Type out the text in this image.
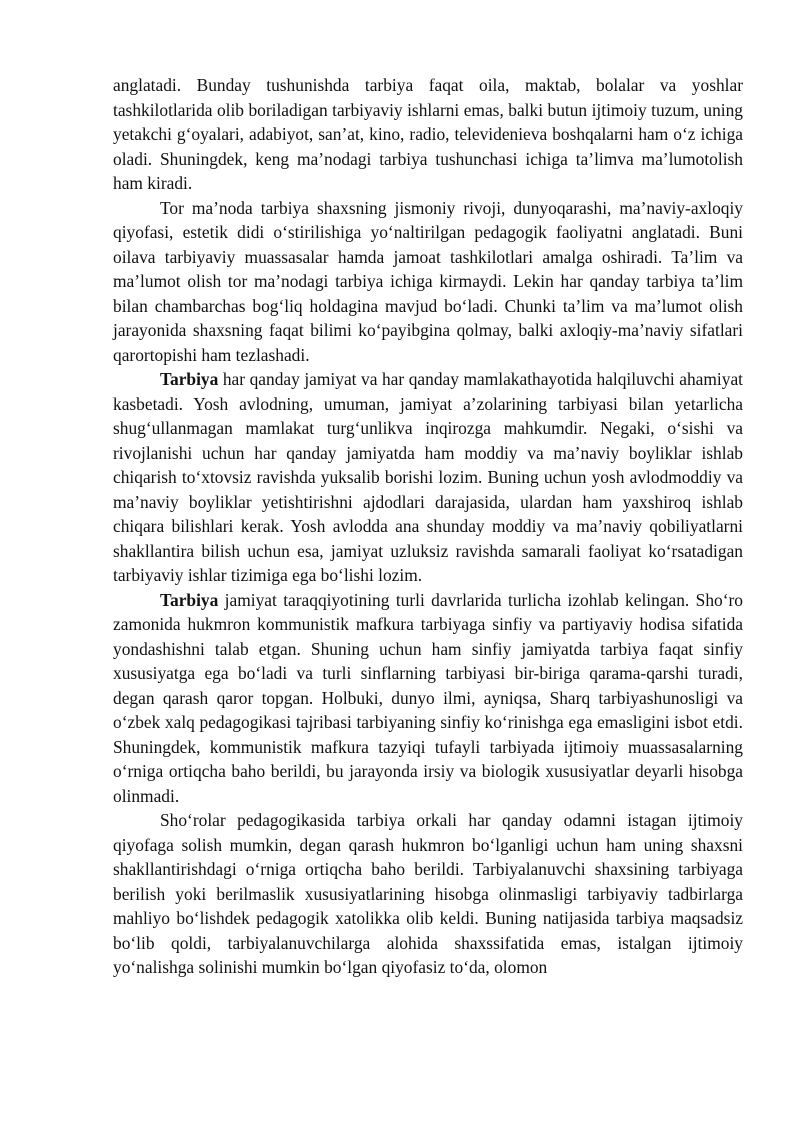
anglatadi. Bunday tushunishda tarbiya faqat oila, maktab, bolalar va yoshlar tashkilotlarida olib boriladigan tarbiyaviy ishlarni emas, balki butun ijtimoiy tuzum, uning yetakchi g‘oyalari, adabiyot, san’at, kino, radio, televidenieva boshqalarni ham o‘z ichiga oladi. Shuningdek, keng ma’nodagi tarbiya tushunchasi ichiga ta’limva ma’lumotolish ham kiradi.

Tor ma’noda tarbiya shaxsning jismoniy rivoji, dunyoqarashi, ma’naviy-axloqiy qiyofasi, estetik didi o‘stirilishiga yo‘naltirilgan pedagogik faoliyatni anglatadi. Buni oilava tarbiyaviy muassasalar hamda jamoat tashkilotlari amalga oshiradi. Ta’lim va ma’lumot olish tor ma’nodagi tarbiya ichiga kirmaydi. Lekin har qanday tarbiya ta’lim bilan chambarchas bog‘liq holdagina mavjud bo‘ladi. Chunki ta’lim va ma’lumot olish jarayonida shaxsning faqat bilimi ko‘payibgina qolmay, balki axloqiy-ma’naviy sifatlari qarortopishi ham tezlashadi.

Tarbiya har qanday jamiyat va har qanday mamlakathayotida halqiluvchi ahamiyat kasbetadi. Yosh avlodning, umuman, jamiyat a’zolarining tarbiyasi bilan yetarlicha shug‘ullanmagan mamlakat turg‘unlikva inqirozga mahkumdir. Negaki, o‘sishi va rivojlanishi uchun har qanday jamiyatda ham moddiy va ma’naviy boyliklar ishlab chiqarish to‘xtovsiz ravishda yuksalib borishi lozim. Buning uchun yosh avlodmoddiy va ma’naviy boyliklar yetishtirishni ajdodlari darajasida, ulardan ham yaxshiroq ishlab chiqara bilishlari kerak. Yosh avlodda ana shunday moddiy va ma’naviy qobiliyatlarni shakllantira bilish uchun esa, jamiyat uzluksiz ravishda samarali faoliyat ko‘rsatadigan tarbiyaviy ishlar tizimiga ega bo‘lishi lozim.

Tarbiya jamiyat taraqqiyotining turli davrlarida turlicha izohlab kelingan. Sho‘ro zamonida hukmron kommunistik mafkura tarbiyaga sinfiy va partiyaviy hodisa sifatida yondashishni talab etgan. Shuning uchun ham sinfiy jamiyatda tarbiya faqat sinfiy xususiyatga ega bo‘ladi va turli sinflarning tarbiyasi bir-biriga qarama-qarshi turadi, degan qarash qaror topgan. Holbuki, dunyo ilmi, ayniqsa, Sharq tarbiyashunosligi va o‘zbek xalq pedagogikasi tajribasi tarbiyaning sinfiy ko‘rinishga ega emasligini isbot etdi. Shuningdek, kommunistik mafkura tazyiqi tufayli tarbiyada ijtimoiy muassasalarning o‘rniga ortiqcha baho berildi, bu jarayonda irsiy va biologik xususiyatlar deyarli hisobga olinmadi.

Sho‘rolar pedagogikasida tarbiya orkali har qanday odamni istagan ijtimoiy qiyofaga solish mumkin, degan qarash hukmron bo‘lganligi uchun ham uning shaxsni shakllantirishdagi o‘rniga ortiqcha baho berildi. Tarbiyalanuvchi shaxsining tarbiyaga berilish yoki berilmaslik xususiyatlarining hisobga olinmasligi tarbiyaviy tadbirlarga mahliyo bo‘lishdek pedagogik xatolikka olib keldi. Buning natijasida tarbiya maqsadsiz bo‘lib qoldi, tarbiyalanuvchilarga alohida shaxssifatida emas, istalgan ijtimoiy yo‘nalishga solinishi mumkin bo‘lgan qiyofasiz to‘da, olomon
